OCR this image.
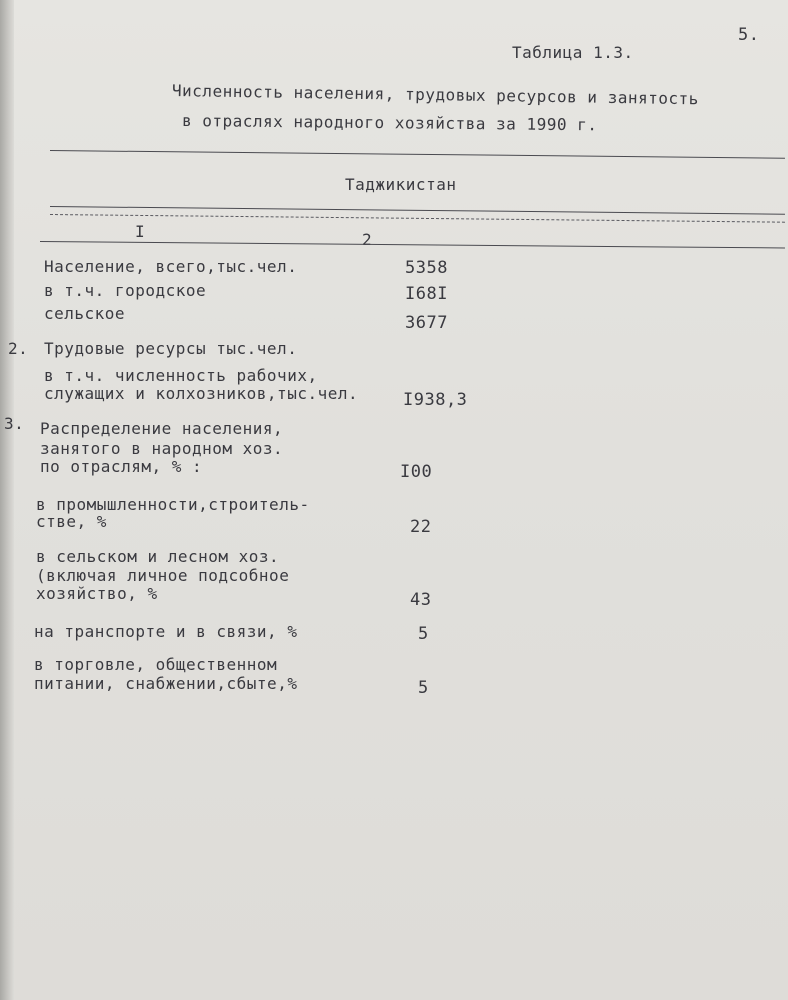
5.
Таблица 1.3.
Численность населения, трудовых ресурсов и занятость
в отраслях народного хозяйства за 1990 г.
Таджикистан
I	2
Население, всего,тыс.чел.	5358
в т.ч. городское	I68I
сельское	3677
2. Трудовые ресурсы тыс.чел.
в т.ч. численность рабочих,
служащих и колхозников,тыс.чел.	I938,3
3. Распределение населения,
занятого в народном хоз.
по отраслям, % :	I00
в промышленности,строитель-
стве, %	22
в сельском и лесном хоз.
(включая личное подсобное
хозяйство, %	43
на транспорте и в связи, %	5
в торговле, общественном
питании, снабжении,сбыте,%	5
